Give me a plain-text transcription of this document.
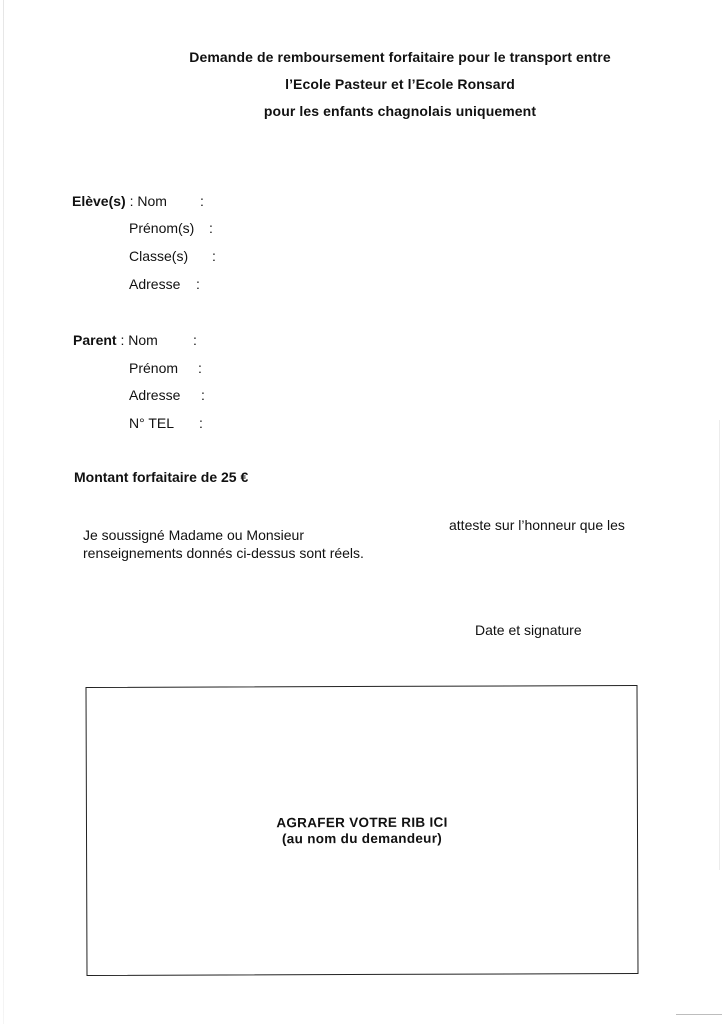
Demande de remboursement forfaitaire pour le transport entre
l’Ecole Pasteur et l’Ecole Ronsard
pour les enfants chagnolais uniquement
Elève(s) : Nom :
Prénom(s) :
Classe(s) :
Adresse :
Parent : Nom	:
Prénom :
Adresse :
N° TEL :
Montant forfaitaire de 25 €
Je soussigné Madame ou Monsieur
atteste sur l’honneur que les
renseignements donnés ci-dessus sont réels.
Date et signature
AGRAFER VOTRE RIB ICI
(au nom du demandeur)
